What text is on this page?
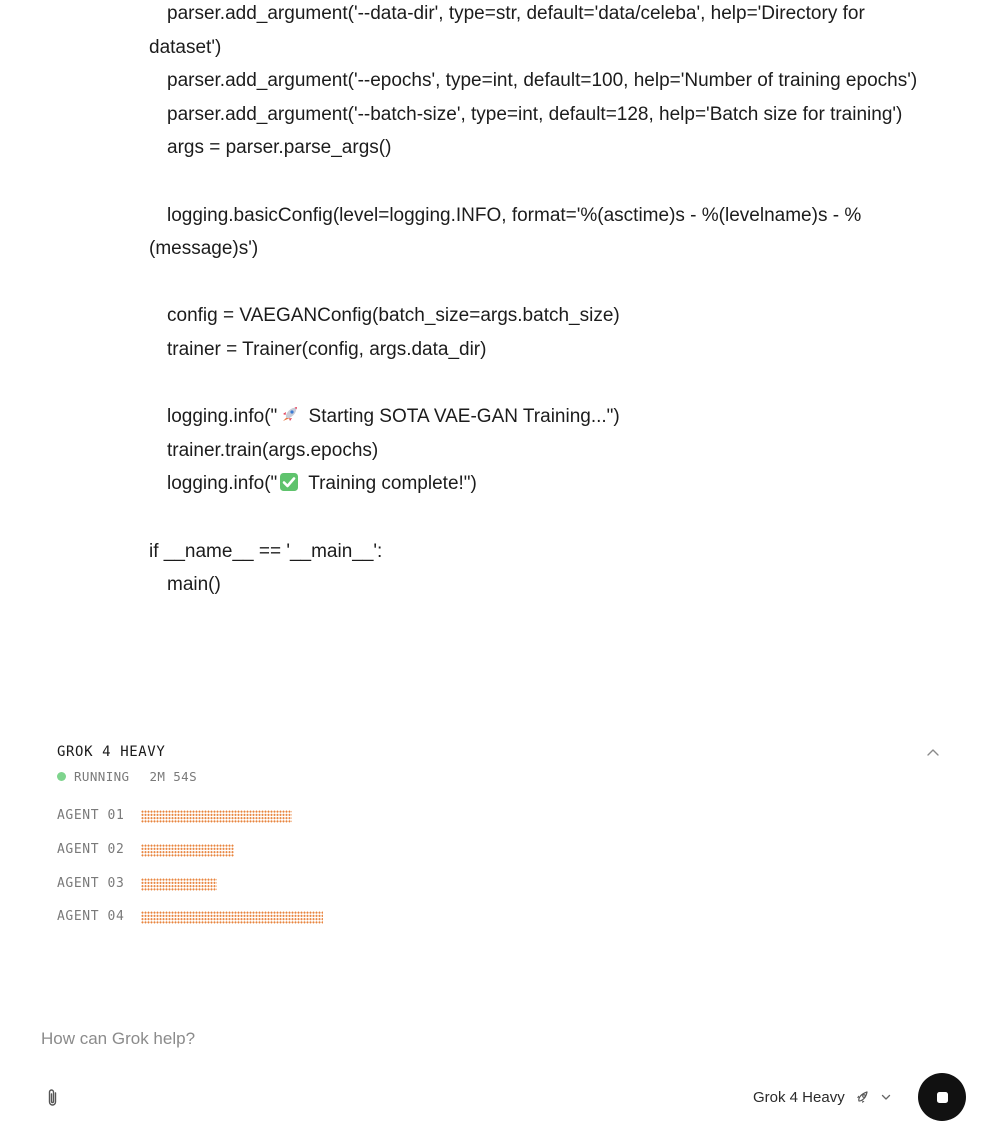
parser.add_argument('--data-dir', type=str, default='data/celeba', help='Directory for dataset')
parser.add_argument('--epochs', type=int, default=100, help='Number of training epochs')
parser.add_argument('--batch-size', type=int, default=128, help='Batch size for training')
args = parser.parse_args()
logging.basicConfig(level=logging.INFO, format='%(asctime)s - %(levelname)s - %(message)s')
config = VAEGANConfig(batch_size=args.batch_size)
trainer = Trainer(config, args.data_dir)
logging.info(" Starting SOTA VAE-GAN Training...")
trainer.train(args.epochs)
logging.info(" Training complete!")
if __name__ == '__main__':
main()
GROK 4 HEAVY
RUNNING 2M 54S
AGENT 01
AGENT 02
AGENT 03
AGENT 04
How can Grok help?
Grok 4 Heavy
